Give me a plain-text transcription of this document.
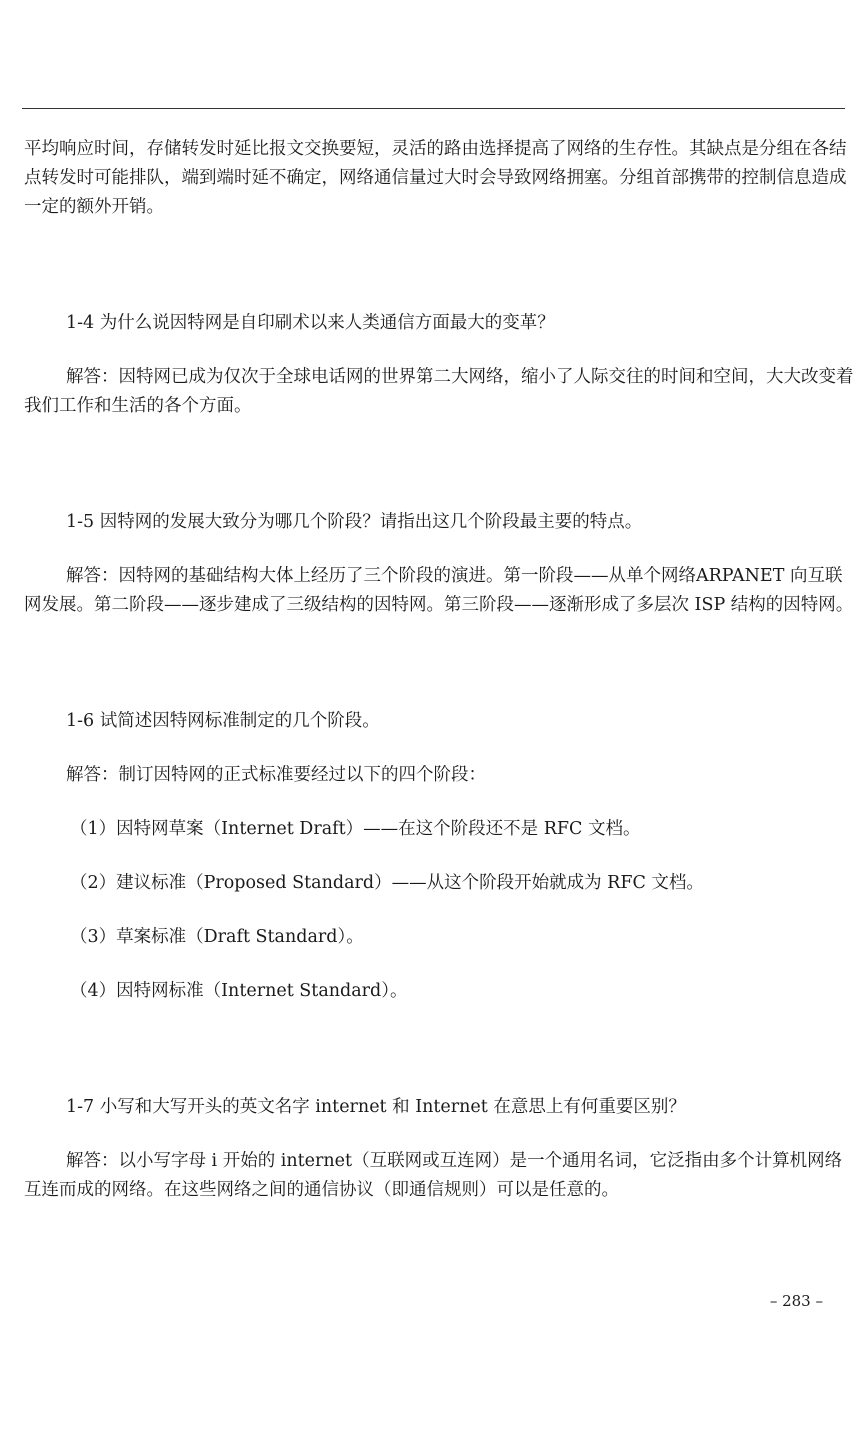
平均响应时间，存储转发时延比报文交换要短，灵活的路由选择提高了网络的生存性。其缺点是分组在各结点转发时可能排队，端到端时延不确定，网络通信量过大时会导致网络拥塞。分组首部携带的控制信息造成一定的额外开销。

1-4 为什么说因特网是自印刷术以来人类通信方面最大的变革？

解答：因特网已成为仅次于全球电话网的世界第二大网络，缩小了人际交往的时间和空间，大大改变着我们工作和生活的各个方面。

1-5 因特网的发展大致分为哪几个阶段？请指出这几个阶段最主要的特点。

解答：因特网的基础结构大体上经历了三个阶段的演进。第一阶段——从单个网络ARPANET 向互联网发展。第二阶段——逐步建成了三级结构的因特网。第三阶段——逐渐形成了多层次 ISP 结构的因特网。

1-6 试简述因特网标准制定的几个阶段。

解答：制订因特网的正式标准要经过以下的四个阶段：

（1）因特网草案（Internet Draft）——在这个阶段还不是 RFC 文档。

（2）建议标准（Proposed Standard）——从这个阶段开始就成为 RFC 文档。

（3）草案标准（Draft Standard）。

（4）因特网标准（Internet Standard）。

1-7 小写和大写开头的英文名字 internet 和 Internet 在意思上有何重要区别？

解答：以小写字母 i 开始的 internet（互联网或互连网）是一个通用名词，它泛指由多个计算机网络互连而成的网络。在这些网络之间的通信协议（即通信规则）可以是任意的。

– 283 –
